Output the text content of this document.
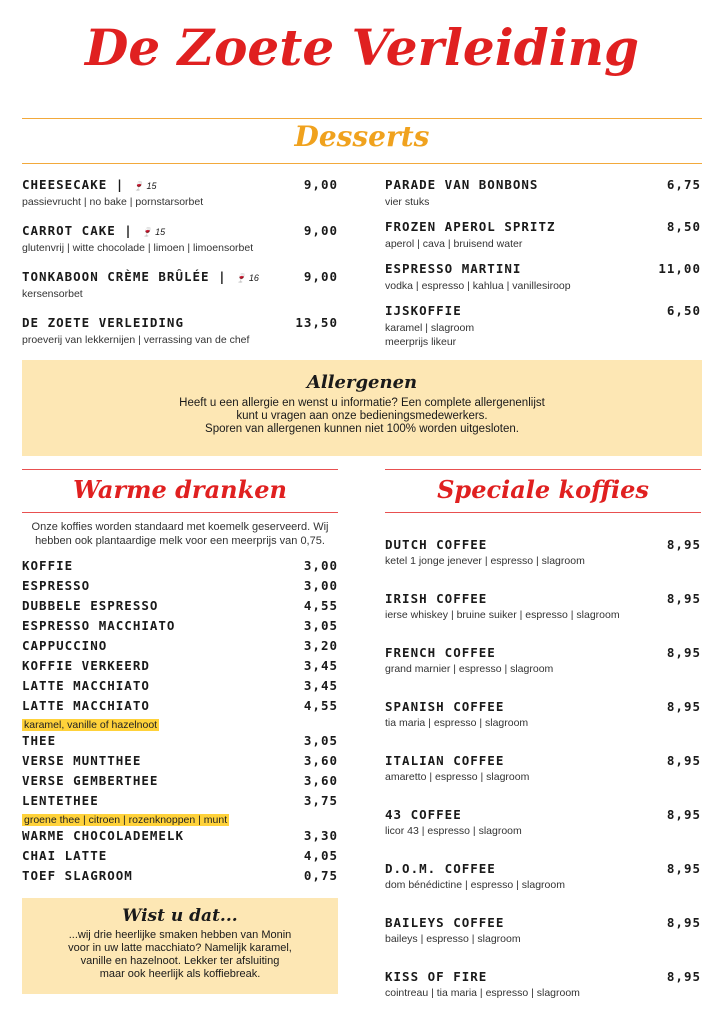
De Zoete Verleiding
Desserts
CHEESECAKE | 🍷 15	9,00
passievrucht | no bake | pornstarsorbet
CARROT CAKE | 🍷 15	9,00
glutenvrij | witte chocolade | limoen | limoensorbet
TONKABOON CRÈME BRÛLÉE | 🍷 16	9,00
kersensorbet
DE ZOETE VERLEIDING	13,50
proeverij van lekkernijen | verrassing van de chef
PARADE VAN BONBONS	6,75
vier stuks
FROZEN APEROL SPRITZ	8,50
aperol | cava | bruisend water
ESPRESSO MARTINI	11,00
vodka | espresso | kahlua | vanillesiroop
IJSKOFFIE	6,50
karamel | slagroom
meerprijs likeur
Allergenen
Heeft u een allergie en wenst u informatie? Een complete allergenenlijst
kunt u vragen aan onze bedieningsmedewerkers.
Sporen van allergenen kunnen niet 100% worden uitgesloten.
Warme dranken
Onze koffies worden standaard met koemelk geserveerd. Wij
hebben ook plantaardige melk voor een meerprijs van 0,75.
KOFFIE	3,00
ESPRESSO	3,00
DUBBELE ESPRESSO	4,55
ESPRESSO MACCHIATO	3,05
CAPPUCCINO	3,20
KOFFIE VERKEERD	3,45
LATTE MACCHIATO	3,45
LATTE MACCHIATO	4,55
karamel, vanille of hazelnoot
THEE	3,05
VERSE MUNTTHEE	3,60
VERSE GEMBERTHEE	3,60
LENTETHEE	3,75
groene thee | citroen | rozenknoppen | munt
WARME CHOCOLADEMELK	3,30
CHAI LATTE	4,05
TOEF SLAGROOM	0,75
Wist u dat...
...wij drie heerlijke smaken hebben van Monin
voor in uw latte macchiato? Namelijk karamel,
vanille en hazelnoot. Lekker ter afsluiting
maar ook heerlijk als koffiebreak.
Speciale koffies
DUTCH COFFEE	8,95
ketel 1 jonge jenever | espresso | slagroom
IRISH COFFEE	8,95
ierse whiskey | bruine suiker | espresso | slagroom
FRENCH COFFEE	8,95
grand marnier | espresso | slagroom
SPANISH COFFEE	8,95
tia maria | espresso | slagroom
ITALIAN COFFEE	8,95
amaretto | espresso | slagroom
43 COFFEE	8,95
licor 43 | espresso | slagroom
D.O.M. COFFEE	8,95
dom bénédictine | espresso | slagroom
BAILEYS COFFEE	8,95
baileys | espresso | slagroom
KISS OF FIRE	8,95
cointreau | tia maria | espresso | slagroom
